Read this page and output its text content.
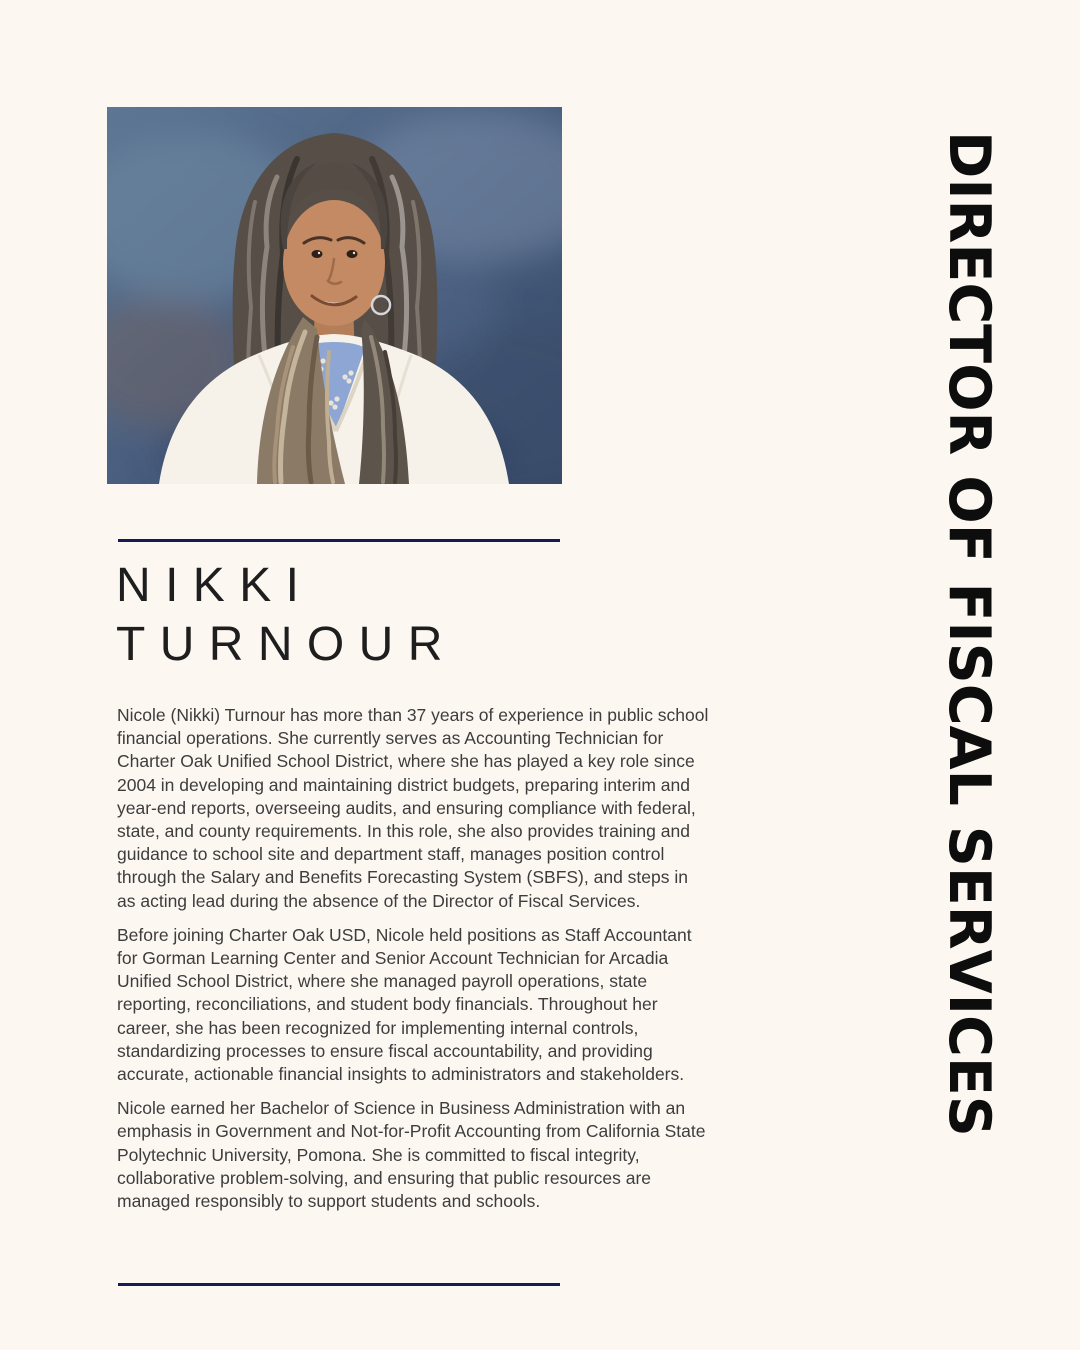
NIKKI
TURNOUR

Nicole (Nikki) Turnour has more than 37 years of experience in public school financial operations. She currently serves as Accounting Technician for Charter Oak Unified School District, where she has played a key role since 2004 in developing and maintaining district budgets, preparing interim and year-end reports, overseeing audits, and ensuring compliance with federal, state, and county requirements. In this role, she also provides training and guidance to school site and department staff, manages position control through the Salary and Benefits Forecasting System (SBFS), and steps in as acting lead during the absence of the Director of Fiscal Services.

Before joining Charter Oak USD, Nicole held positions as Staff Accountant for Gorman Learning Center and Senior Account Technician for Arcadia Unified School District, where she managed payroll operations, state reporting, reconciliations, and student body financials. Throughout her career, she has been recognized for implementing internal controls, standardizing processes to ensure fiscal accountability, and providing accurate, actionable financial insights to administrators and stakeholders.

Nicole earned her Bachelor of Science in Business Administration with an emphasis in Government and Not-for-Profit Accounting from California State Polytechnic University, Pomona. She is committed to fiscal integrity, collaborative problem-solving, and ensuring that public resources are managed responsibly to support students and schools.

DIRECTOR OF FISCAL SERVICES
